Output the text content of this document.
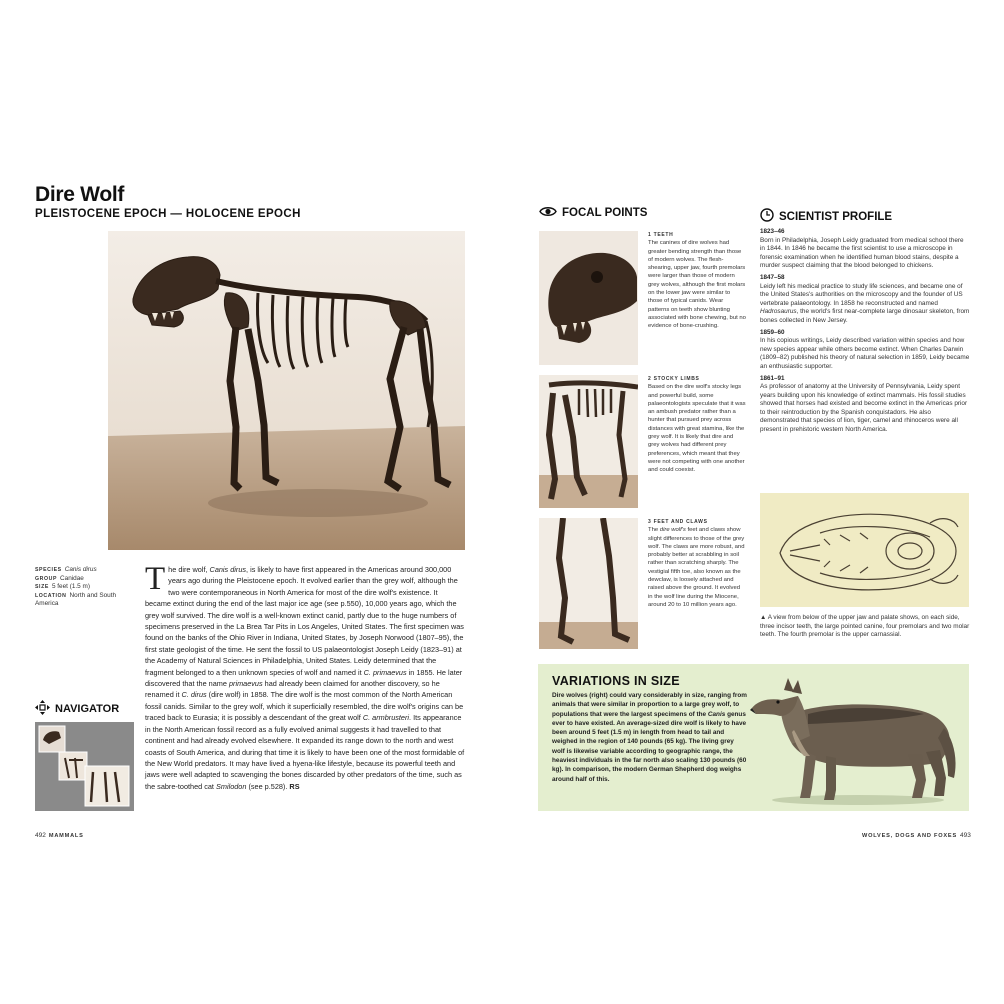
Dire Wolf
PLEISTOCENE EPOCH — HOLOCENE EPOCH
SPECIES Canis dirus
GROUP Canidae
SIZE 5 feet (1.5 m)
LOCATION North and South America
The dire wolf, Canis dirus, is likely to have first appeared in the Americas around 300,000 years ago during the Pleistocene epoch. It evolved earlier than the grey wolf, although the two were contemporaneous in North America for most of the dire wolf's existence. It became extinct during the end of the last major ice age (see p.550), 10,000 years ago, which the grey wolf survived. The dire wolf is a well-known extinct canid, partly due to the huge numbers of specimens preserved in the La Brea Tar Pits in Los Angeles, United States. The first specimen was found on the banks of the Ohio River in Indiana, United States, by Joseph Norwood (1807–95), the first state geologist of the time. He sent the fossil to US palaeontologist Joseph Leidy (1823–91) at the Academy of Natural Sciences in Philadelphia, United States. Leidy determined that the fragment belonged to a then unknown species of wolf and named it C. primaevus in 1855. He later discovered that the name primaevus had already been claimed for another discovery, so he renamed it C. dirus (dire wolf) in 1858. The dire wolf is the most common of the North American fossil canids. Similar to the grey wolf, which it superficially resembled, the dire wolf's origins can be traced back to Eurasia; it is possibly a descendant of the great wolf C. armbrusteri. Its appearance in the North American fossil record as a fully evolved animal suggests it had travelled to that continent and had already evolved elsewhere. It expanded its range down to the north and west coasts of South America, and during that time it is likely to have been one of the most formidable of the New World predators. It may have lived a hyena-like lifestyle, because its powerful teeth and jaws were well adapted to scavenging the bones discarded by other predators of the time, such as the sabre-toothed cat Smilodon (see p.528). RS
NAVIGATOR
492 MAMMALS
FOCAL POINTS
1 TEETH
The canines of dire wolves had greater bending strength than those of modern wolves. The flesh-shearing, upper jaw, fourth premolars were larger than those of modern grey wolves, although the first molars on the lower jaw were similar to those of typical canids. Wear patterns on teeth show blunting associated with bone chewing, but no evidence of bone-crushing.
2 STOCKY LIMBS
Based on the dire wolf's stocky legs and powerful build, some palaeontologists speculate that it was an ambush predator rather than a hunter that pursued prey across distances with great stamina, like the grey wolf. It is likely that dire and grey wolves had different prey preferences, which meant that they were not competing with one another and could coexist.
3 FEET AND CLAWS
The dire wolf's feet and claws show slight differences to those of the grey wolf. The claws are more robust, and probably better at scrabbling in soil rather than scratching sharply. The vestigial fifth toe, also known as the dewclaw, is loosely attached and raised above the ground. It evolved in the wolf line during the Miocene, around 20 to 10 million years ago.
SCIENTIST PROFILE
1823–46
Born in Philadelphia, Joseph Leidy graduated from medical school there in 1844. In 1846 he became the first scientist to use a microscope in forensic examination when he identified human blood stains, despite a murder suspect claiming that the blood belonged to chickens.
1847–58
Leidy left his medical practice to study life sciences, and became one of the United States's authorities on the microscopy and the founder of US vertebrate palaeontology. In 1858 he reconstructed and named Hadrosaurus, the world's first near-complete large dinosaur skeleton, from bones collected in New Jersey.
1859–60
In his copious writings, Leidy described variation within species and how new species appear while others become extinct. When Charles Darwin (1809–82) published his theory of natural selection in 1859, Leidy became an enthusiastic supporter.
1861–91
As professor of anatomy at the University of Pennsylvania, Leidy spent years building upon his knowledge of extinct mammals. His fossil studies showed that horses had existed and become extinct in the Americas prior to their reintroduction by the Spanish conquistadors. He also demonstrated that species of lion, tiger, camel and rhinoceros were all present in prehistoric western North America.
▲ A view from below of the upper jaw and palate shows, on each side, three incisor teeth, the large pointed canine, four premolars and two molar teeth. The fourth premolar is the upper carnassial.
VARIATIONS IN SIZE
Dire wolves (right) could vary considerably in size, ranging from animals that were similar in proportion to a large grey wolf, to populations that were the largest specimens of the Canis genus ever to have existed. An average-sized dire wolf is likely to have been around 5 feet (1.5 m) in length from head to tail and weighed in the region of 140 pounds (65 kg). The living grey wolf is likewise variable according to geographic range, the heaviest individuals in the far north also scaling 130 pounds (60 kg). In comparison, the modern German Shepherd dog weighs around half of this.
WOLVES, DOGS AND FOXES 493
